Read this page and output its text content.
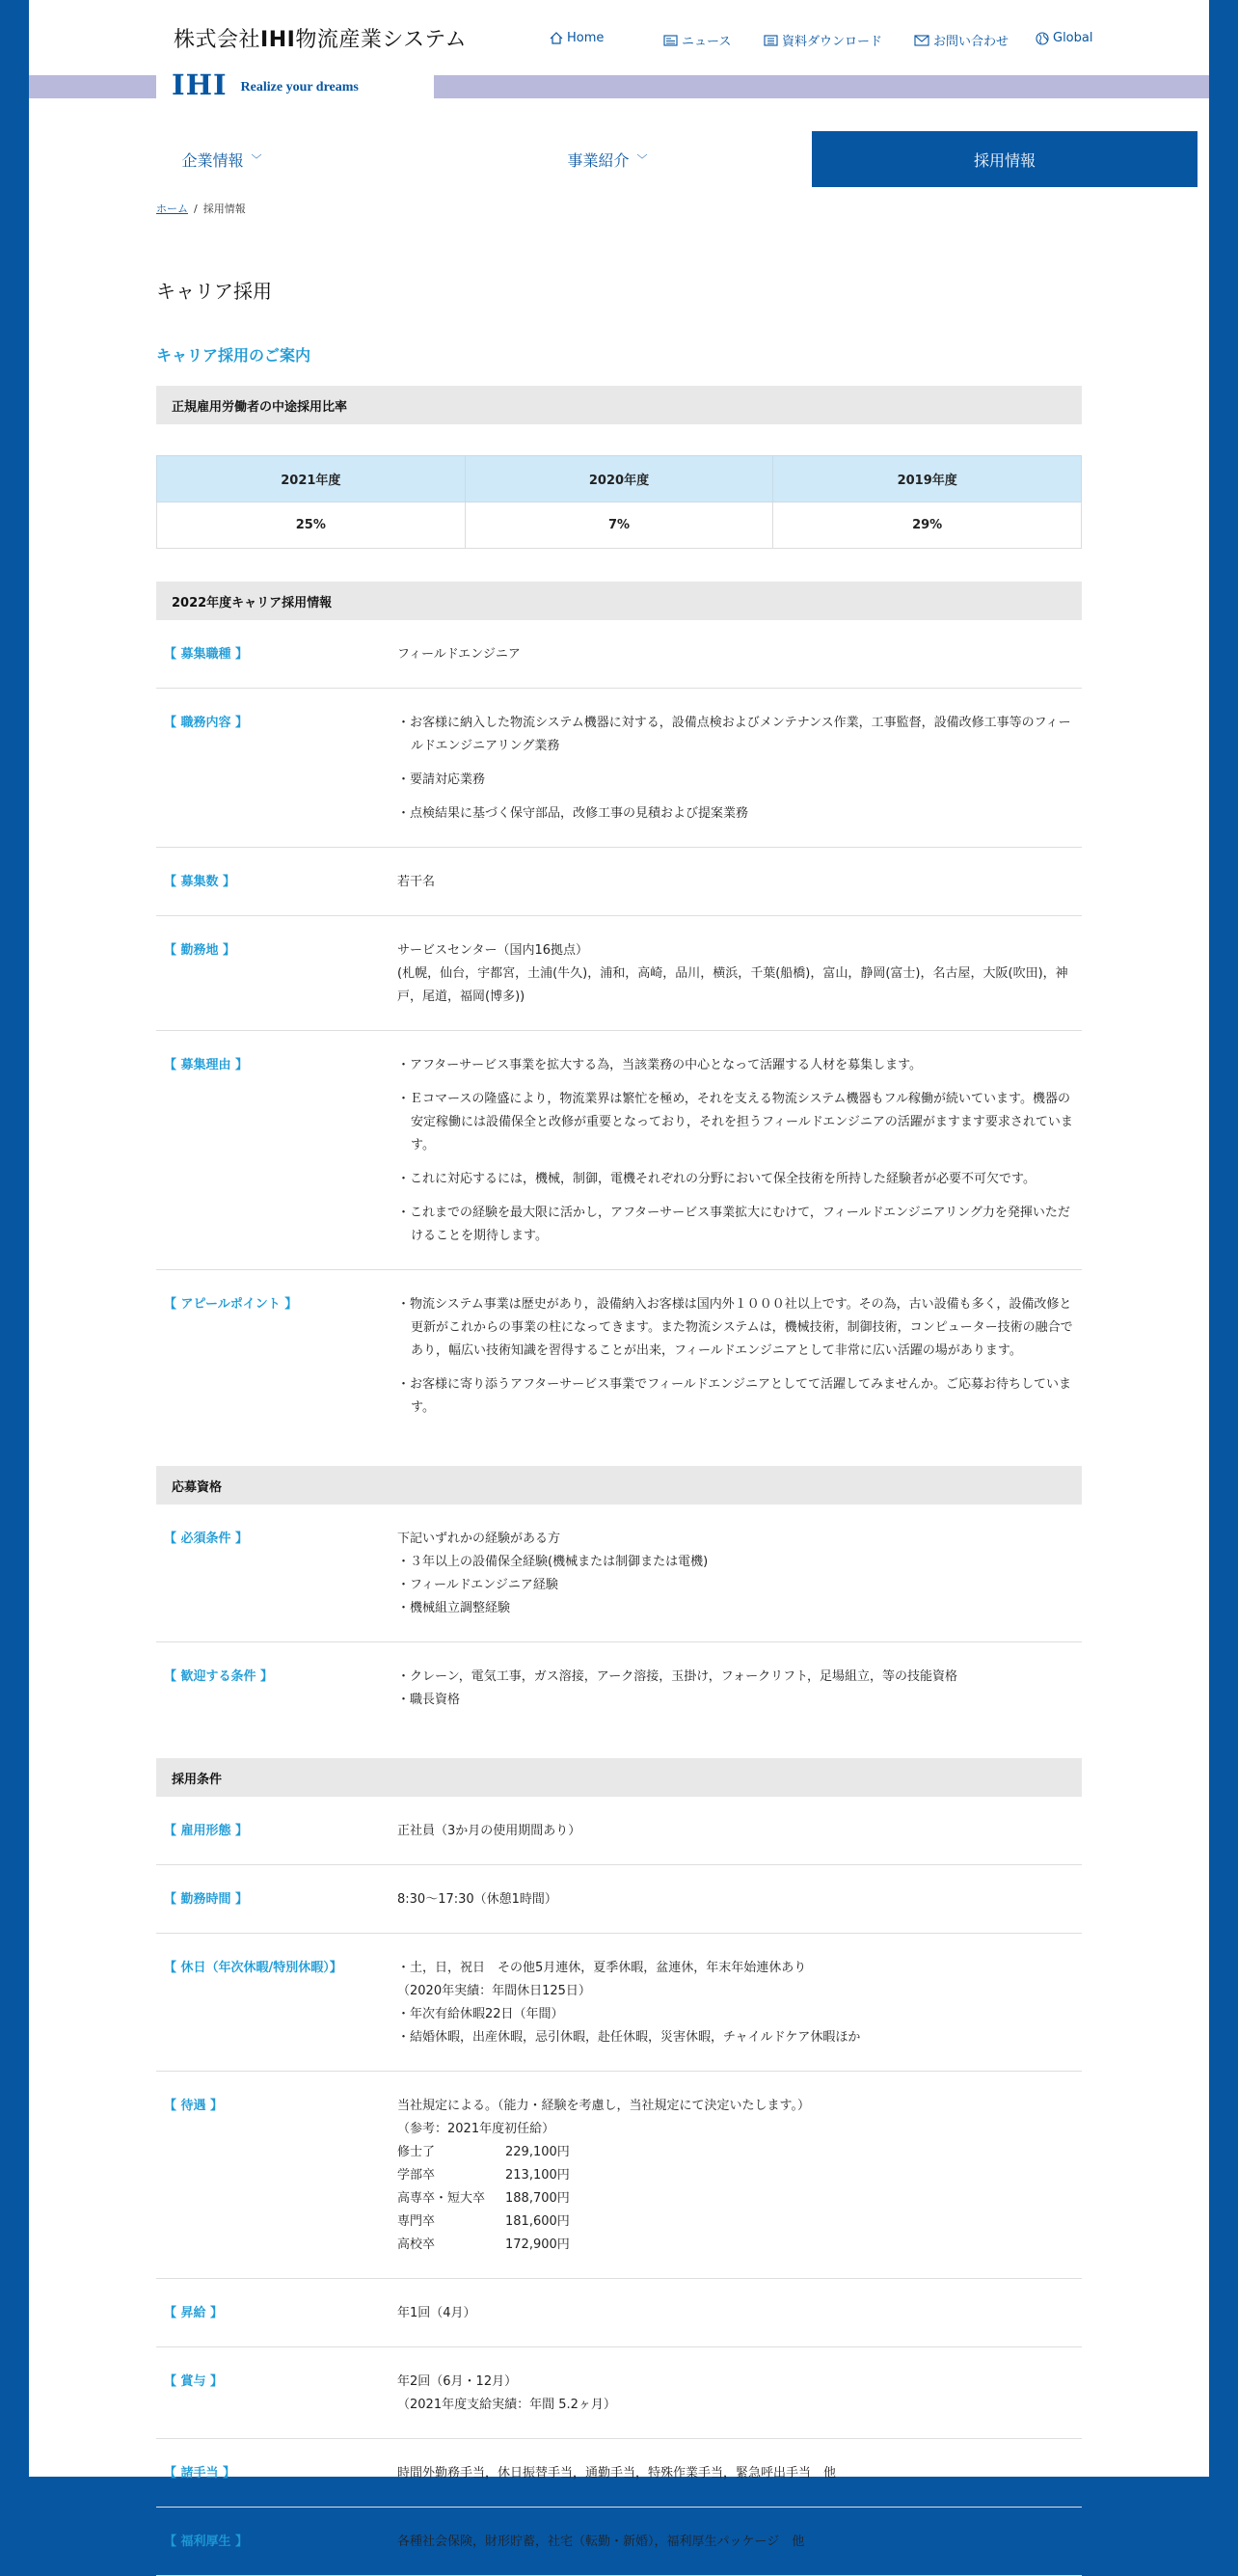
株式会社IHI物流産業システム	Home	ニュース	資料ダウンロード	お問い合わせ	Global
IHI Realize your dreams
企業情報 ﹀	事業紹介 ﹀	採用情報
ホーム / 採用情報
キャリア採用
キャリア採用のご案内
正規雇用労働者の中途採用比率
2021年度	2020年度	2019年度
25%	7%	29%
2022年度キャリア採用情報
【 募集職種 】	フィールドエンジニア

【 職務内容 】	・お客様に納入した物流システム機器に対する，設備点検およびメンテナンス作業，工事監督，設備改修工事等のフィールドエンジニアリング業務

・要請対応業務

・点検結果に基づく保守部品，改修工事の見積および提案業務

【 募集数 】	若干名

【 勤務地 】	サービスセンター（国内16拠点）

(札幌，仙台，宇都宮，土浦(牛久)，浦和，高崎，品川，横浜，千葉(船橋)，富山，静岡(富士)，名古屋，大阪(吹田)，神戸，尾道，福岡(博多))

【 募集理由 】	・アフターサービス事業を拡大する為，当該業務の中心となって活躍する人材を募集します。

・Ｅコマースの隆盛により，物流業界は繁忙を極め，それを支える物流システム機器もフル稼働が続いています。機器の安定稼働には設備保全と改修が重要となっており，それを担うフィールドエンジニアの活躍がますます要求されています。

・これに対応するには，機械，制御，電機それぞれの分野において保全技術を所持した経験者が必要不可欠です。

・これまでの経験を最大限に活かし，アフターサービス事業拡大にむけて，フィールドエンジニアリング力を発揮いただけることを期待します。

【 アピールポイント 】	・物流システム事業は歴史があり，設備納入お客様は国内外１０００社以上です。その為，古い設備も多く，設備改修と更新がこれからの事業の柱になってきます。また物流システムは，機械技術，制御技術，コンピューター技術の融合であり，幅広い技術知識を習得することが出来，フィールドエンジニアとして非常に広い活躍の場があります。

・お客様に寄り添うアフターサービス事業でフィールドエンジニアとしてて活躍してみませんか。ご応募お待ちしています。

応募資格
【 必須条件 】	下記いずれかの経験がある方

・３年以上の設備保全経験(機械または制御または電機)

・フィールドエンジニア経験

・機械組立調整経験

【 歓迎する条件 】	・クレーン，電気工事，ガス溶接，アーク溶接，玉掛け，フォークリフト，足場組立，等の技能資格

・職長資格

採用条件
【 雇用形態 】	正社員（3か月の使用期間あり）

【 勤務時間 】	8:30～17:30（休憩1時間）

【 休日（年次休暇/特別休暇）】	・土，日，祝日　その他5月連休，夏季休暇，盆連休，年末年始連休あり

（2020年実績：年間休日125日）

・年次有給休暇22日（年間）

・結婚休暇，出産休暇，忌引休暇，赴任休暇，災害休暇，チャイルドケア休暇ほか

【 待遇 】	当社規定による。（能力・経験を考慮し，当社規定にて決定いたします。）

（参考：2021年度初任給）

修士了	229,100円

学部卒	213,100円

高専卒・短大卒	188,700円

専門卒	181,600円

高校卒	172,900円

【 昇給 】	年1回（4月）

【 賞与 】	年2回（6月・12月）

（2021年度支給実績：年間 5.2ヶ月）

【 諸手当 】	時間外勤務手当，休日振替手当，通勤手当，特殊作業手当，緊急呼出手当　他

【 福利厚生 】	各種社会保険，財形貯蓄，社宅（転勤・新婚），福利厚生パッケージ　他
